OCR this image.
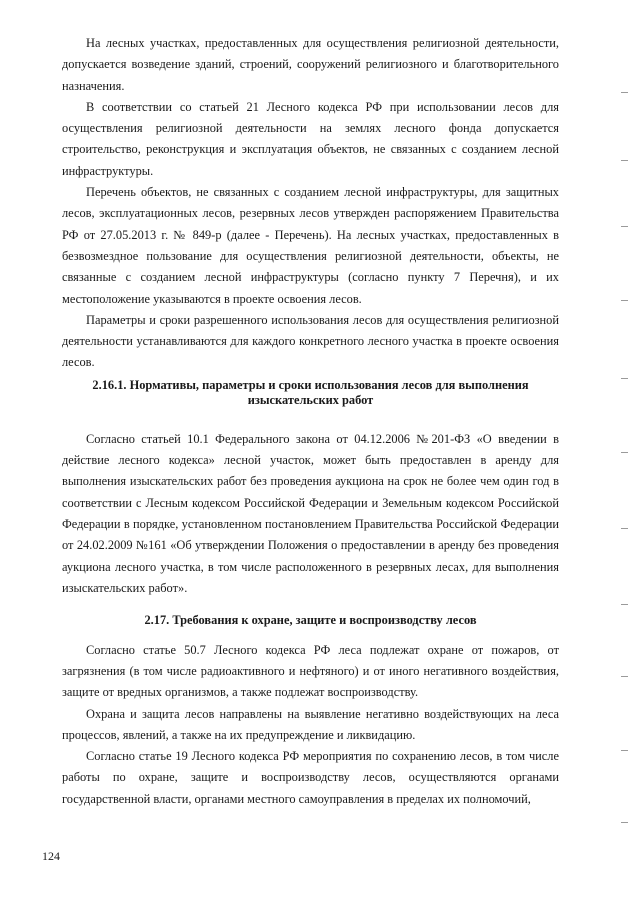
На лесных участках, предоставленных для осуществления религиозной деятельности, допускается возведение зданий, строений, сооружений религиозного и благотворительного назначения.

В соответствии со статьей 21 Лесного кодекса РФ при использовании лесов для осуществления религиозной деятельности на землях лесного фонда допускается строительство, реконструкция и эксплуатация объектов, не связанных с созданием лесной инфраструктуры.

Перечень объектов, не связанных с созданием лесной инфраструктуры, для защитных лесов, эксплуатационных лесов, резервных лесов утвержден распоряжением Правительства РФ от 27.05.2013 г. № 849-р (далее - Перечень). На лесных участках, предоставленных в безвозмездное пользование для осуществления религиозной деятельности, объекты, не связанные с созданием лесной инфраструктуры (согласно пункту 7 Перечня), и их местоположение указываются в проекте освоения лесов.

Параметры и сроки разрешенного использования лесов для осуществления религиозной деятельности устанавливаются для каждого конкретного лесного участка в проекте освоения лесов.

2.16.1. Нормативы, параметры и сроки использования лесов для выполнения изыскательских работ

Согласно статьей 10.1 Федерального закона от 04.12.2006 №201-ФЗ «О введении в действие лесного кодекса» лесной участок, может быть предоставлен в аренду для выполнения изыскательских работ без проведения аукциона на срок не более чем один год в соответствии с Лесным кодексом Российской Федерации и Земельным кодексом Российской Федерации в порядке, установленном постановлением Правительства Российской Федерации от 24.02.2009 №161 «Об утверждении Положения о предоставлении в аренду без проведения аукциона лесного участка, в том числе расположенного в резервных лесах, для выполнения изыскательских работ».

2.17. Требования к охране, защите и воспроизводству лесов

Согласно статье 50.7 Лесного кодекса РФ леса подлежат охране от пожаров, от загрязнения (в том числе радиоактивного и нефтяного) и от иного негативного воздействия, защите от вредных организмов, а также подлежат воспроизводству.

Охрана и защита лесов направлены на выявление негативно воздействующих на леса процессов, явлений, а также на их предупреждение и ликвидацию.

Согласно статье 19 Лесного кодекса РФ мероприятия по сохранению лесов, в том числе работы по охране, защите и воспроизводству лесов, осуществляются органами государственной власти, органами местного самоуправления в пределах их полномочий,

124
